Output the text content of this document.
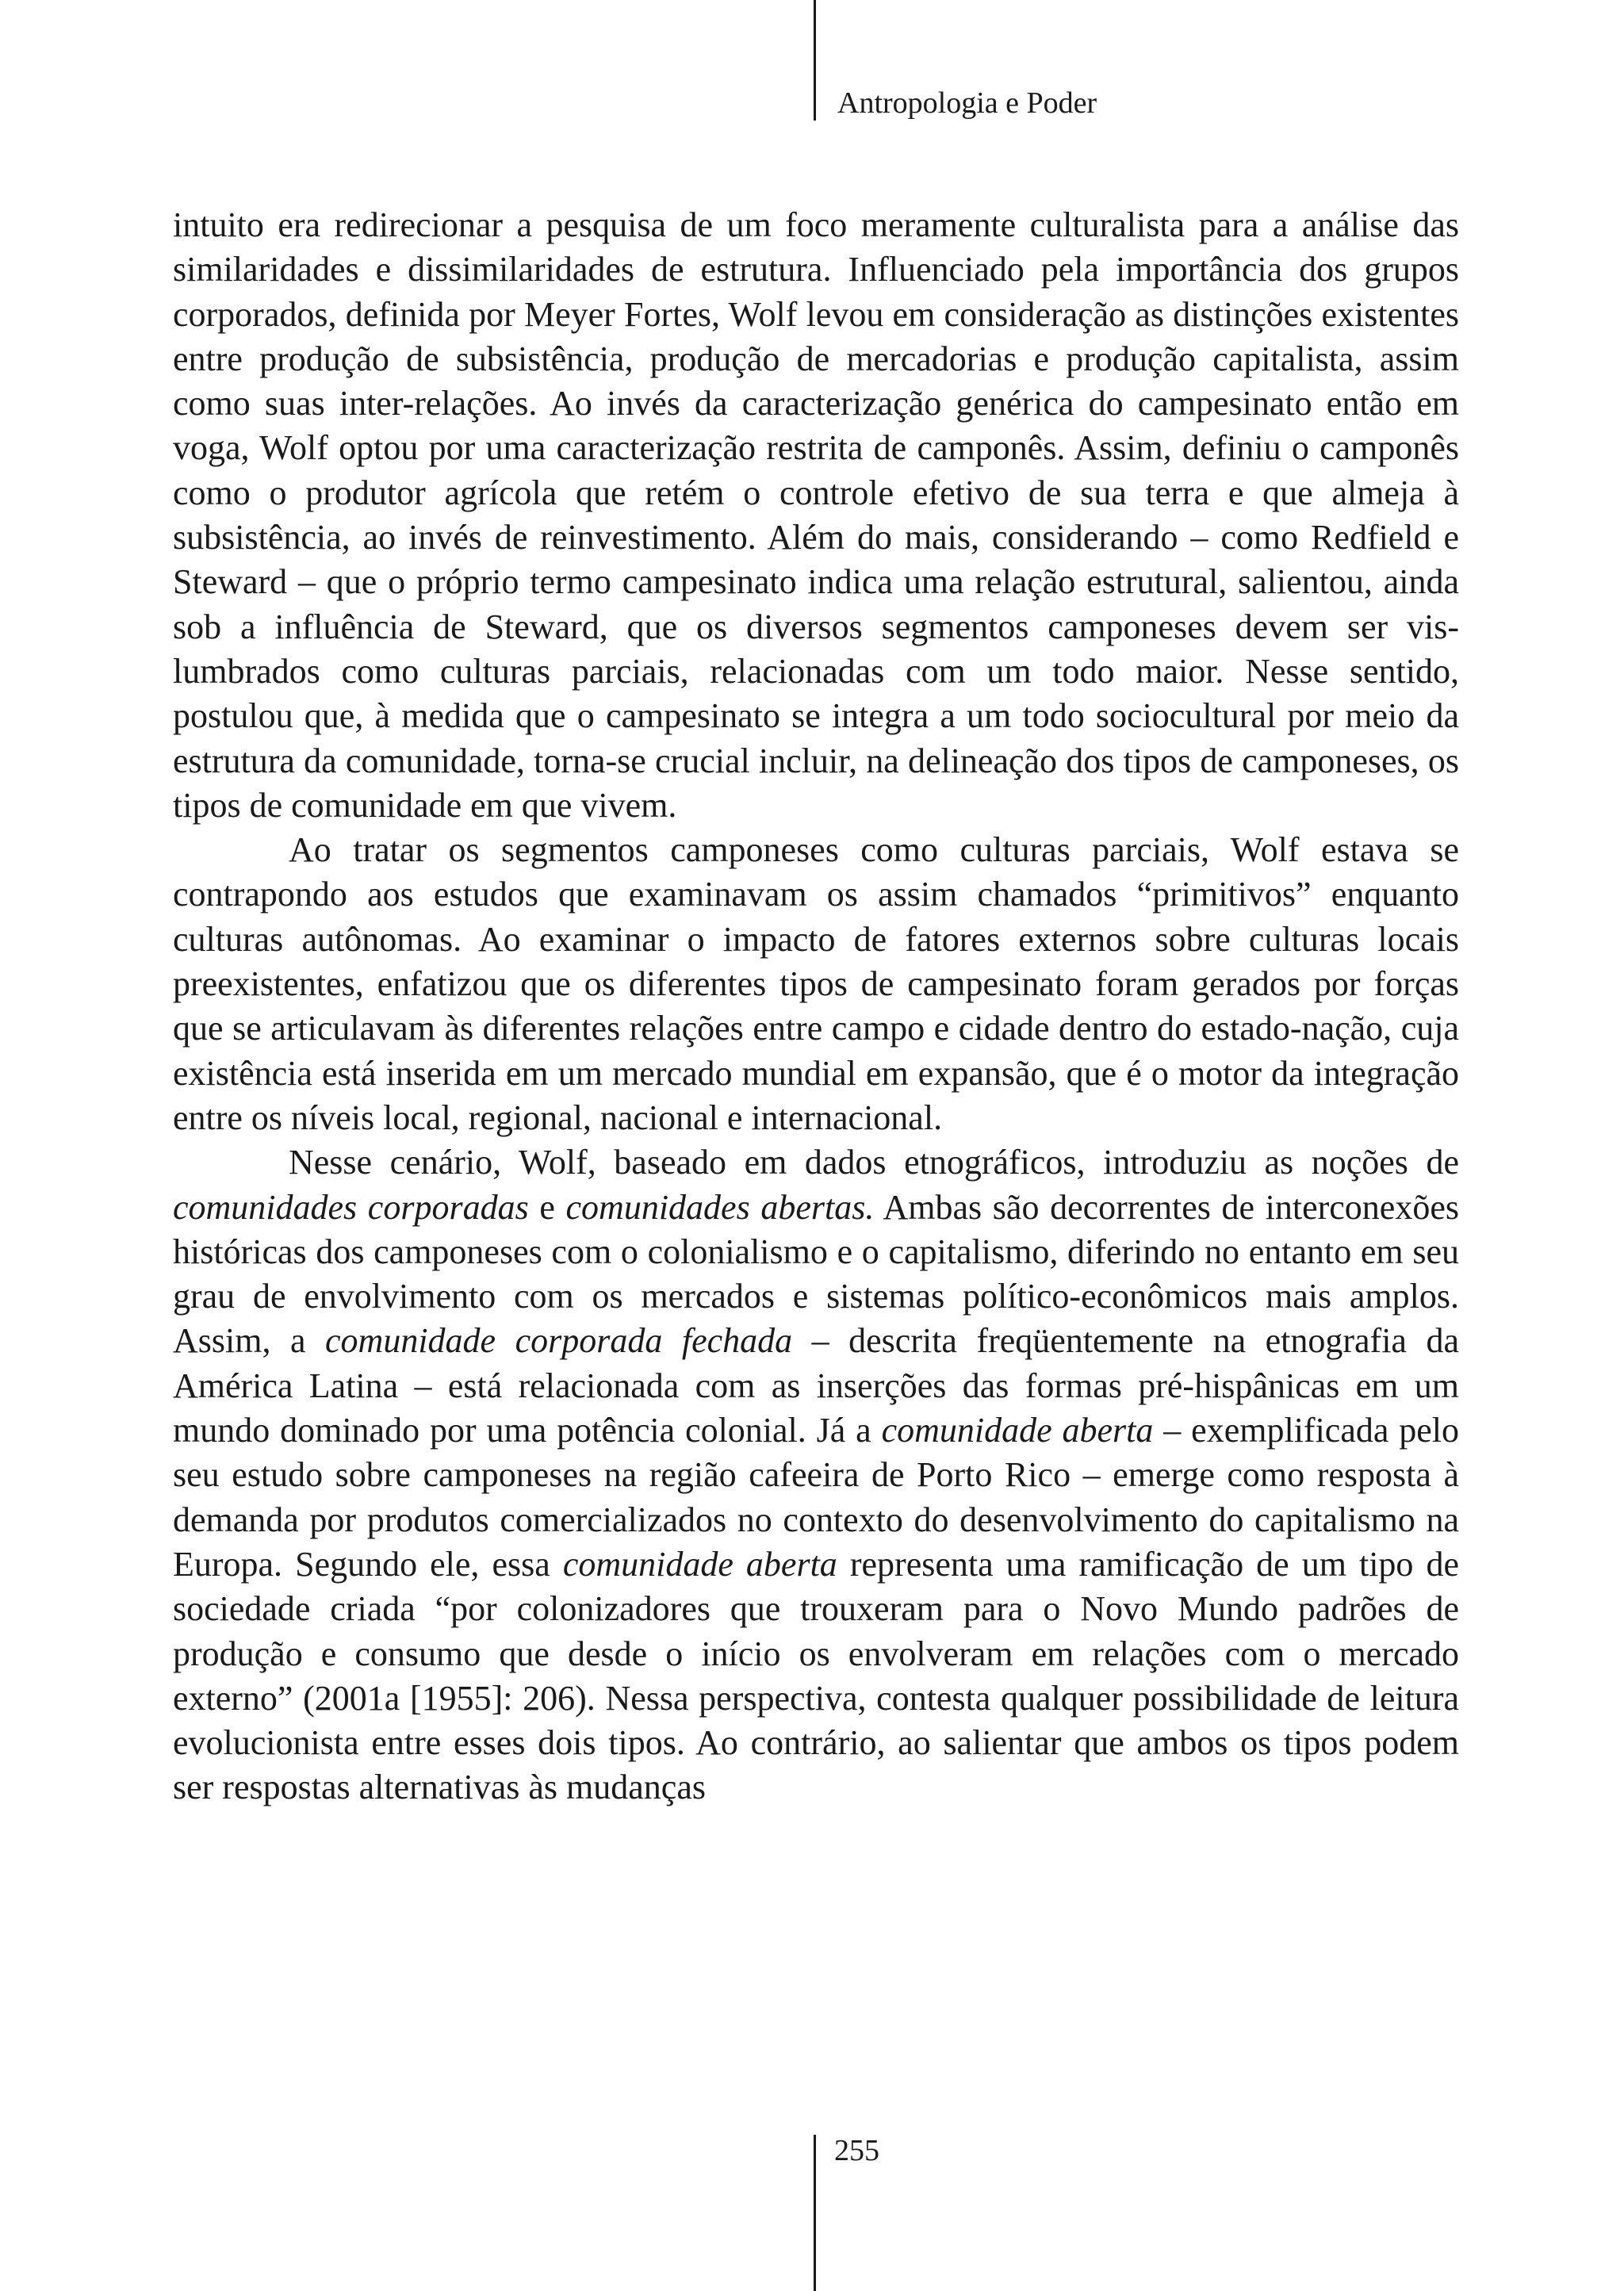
Antropologia e Poder

intuito era redirecionar a pesquisa de um foco meramente culturalista para a análise das similaridades e dissimilaridades de estrutura. Influenciado pela importância dos grupos corporados, definida por Meyer Fortes, Wolf levou em consideração as distinções existentes entre produção de subsistência, produção de mercadorias e produção capitalista, assim como suas inter-relações. Ao invés da caracterização genérica do campesinato então em voga, Wolf optou por uma caracterização restrita de camponês. Assim, definiu o camponês como o produtor agrícola que retém o controle efetivo de sua terra e que almeja à subsistência, ao invés de reinvestimento. Além do mais, considerando – como Redfield e Steward – que o próprio termo campesinato indica uma relação estrutural, salientou, ainda sob a influência de Steward, que os diversos segmentos camponeses devem ser vislumbrados como culturas parciais, relacionadas com um todo maior. Nesse sentido, postulou que, à medida que o campesinato se integra a um todo sociocultural por meio da estrutura da comunidade, torna-se crucial incluir, na delineação dos tipos de camponeses, os tipos de comunidade em que vivem.

Ao tratar os segmentos camponeses como culturas parciais, Wolf estava se contrapondo aos estudos que examinavam os assim chamados “primitivos” enquanto culturas autônomas. Ao examinar o impacto de fatores externos sobre culturas locais preexistentes, enfatizou que os diferentes tipos de campesinato foram gerados por forças que se articulavam às diferentes relações entre campo e cidade dentro do estado-nação, cuja existência está inserida em um mercado mundial em expansão, que é o motor da integração entre os níveis local, regional, nacional e internacional.

Nesse cenário, Wolf, baseado em dados etnográficos, introduziu as noções de comunidades corporadas e comunidades abertas. Ambas são decorrentes de interconexões históricas dos camponeses com o colonialismo e o capitalismo, diferindo no entanto em seu grau de envolvimento com os mercados e sistemas político-econômicos mais amplos. Assim, a comunidade corporada fechada – descrita freqüentemente na etnografia da América Latina – está relacionada com as inserções das formas pré-hispânicas em um mundo dominado por uma potência colonial. Já a comunidade aberta – exemplificada pelo seu estudo sobre camponeses na região cafeeira de Porto Rico – emerge como resposta à demanda por produtos comercializados no contexto do desenvolvimento do capitalismo na Europa. Segundo ele, essa comunidade aberta representa uma ramificação de um tipo de sociedade criada “por colonizadores que trouxeram para o Novo Mundo padrões de produção e consumo que desde o início os envolveram em relações com o mercado externo” (2001a [1955]: 206). Nessa perspectiva, contesta qualquer possibilidade de leitura evolucionista entre esses dois tipos. Ao contrário, ao salientar que ambos os tipos podem ser respostas alternativas às mudanças

255
